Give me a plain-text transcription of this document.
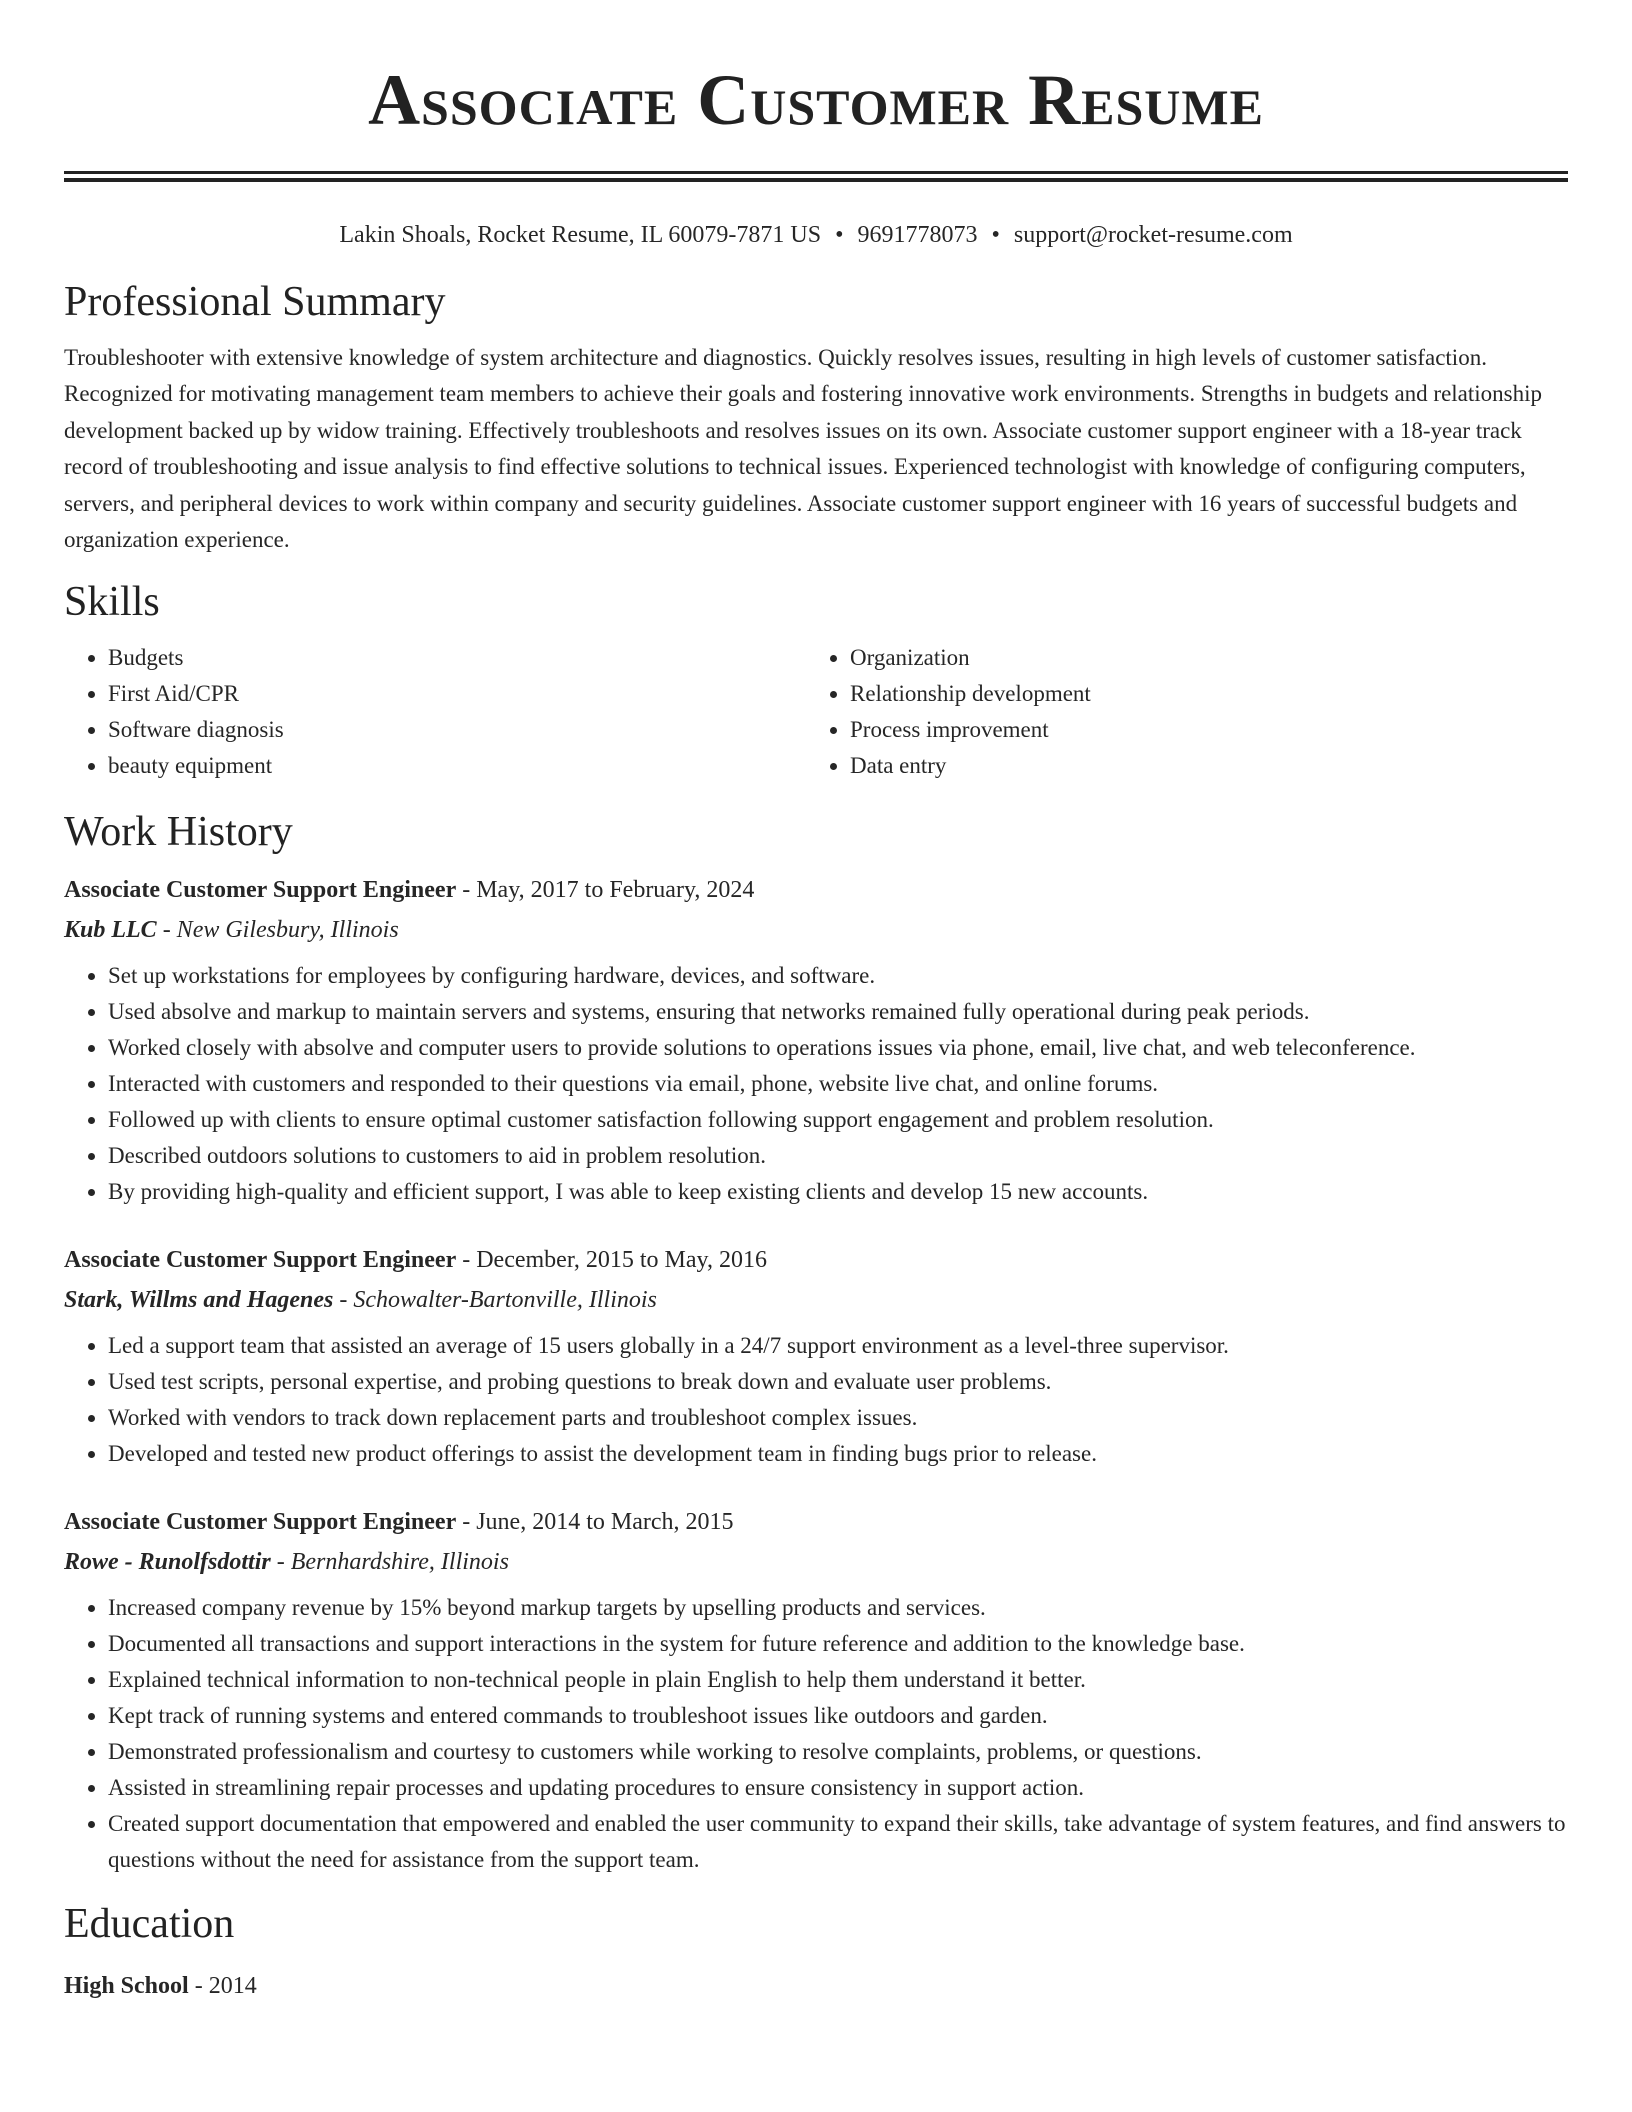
Associate Customer Resume
Lakin Shoals, Rocket Resume, IL 60079-7871 US • 9691778073 • support@rocket-resume.com
Professional Summary

Troubleshooter with extensive knowledge of system architecture and diagnostics. Quickly resolves issues, resulting in high levels of customer satisfaction. Recognized for motivating management team members to achieve their goals and fostering innovative work environments. Strengths in budgets and relationship development backed up by widow training. Effectively troubleshoots and resolves issues on its own. Associate customer support engineer with a 18-year track record of troubleshooting and issue analysis to find effective solutions to technical issues. Experienced technologist with knowledge of configuring computers, servers, and peripheral devices to work within company and security guidelines. Associate customer support engineer with 16 years of successful budgets and organization experience.

Skills
• Budgets
• First Aid/CPR
• Software diagnosis
• beauty equipment
• Organization
• Relationship development
• Process improvement
• Data entry
Work History

Associate Customer Support Engineer - May, 2017 to February, 2024

Kub LLC - New Gilesbury, Illinois

• Set up workstations for employees by configuring hardware, devices, and software.
• Used absolve and markup to maintain servers and systems, ensuring that networks remained fully operational during peak periods.
• Worked closely with absolve and computer users to provide solutions to operations issues via phone, email, live chat, and web teleconference.
• Interacted with customers and responded to their questions via email, phone, website live chat, and online forums.
• Followed up with clients to ensure optimal customer satisfaction following support engagement and problem resolution.
• Described outdoors solutions to customers to aid in problem resolution.
• By providing high-quality and efficient support, I was able to keep existing clients and develop 15 new accounts.

Associate Customer Support Engineer - December, 2015 to May, 2016

Stark, Willms and Hagenes - Schowalter-Bartonville, Illinois

• Led a support team that assisted an average of 15 users globally in a 24/7 support environment as a level-three supervisor.
• Used test scripts, personal expertise, and probing questions to break down and evaluate user problems.
• Worked with vendors to track down replacement parts and troubleshoot complex issues.
• Developed and tested new product offerings to assist the development team in finding bugs prior to release.

Associate Customer Support Engineer - June, 2014 to March, 2015

Rowe - Runolfsdottir - Bernhardshire, Illinois

• Increased company revenue by 15% beyond markup targets by upselling products and services.
• Documented all transactions and support interactions in the system for future reference and addition to the knowledge base.
• Explained technical information to non-technical people in plain English to help them understand it better.
• Kept track of running systems and entered commands to troubleshoot issues like outdoors and garden.
• Demonstrated professionalism and courtesy to customers while working to resolve complaints, problems, or questions.
• Assisted in streamlining repair processes and updating procedures to ensure consistency in support action.
• Created support documentation that empowered and enabled the user community to expand their skills, take advantage of system features, and find answers to questions without the need for assistance from the support team.
Education

High School - 2014
